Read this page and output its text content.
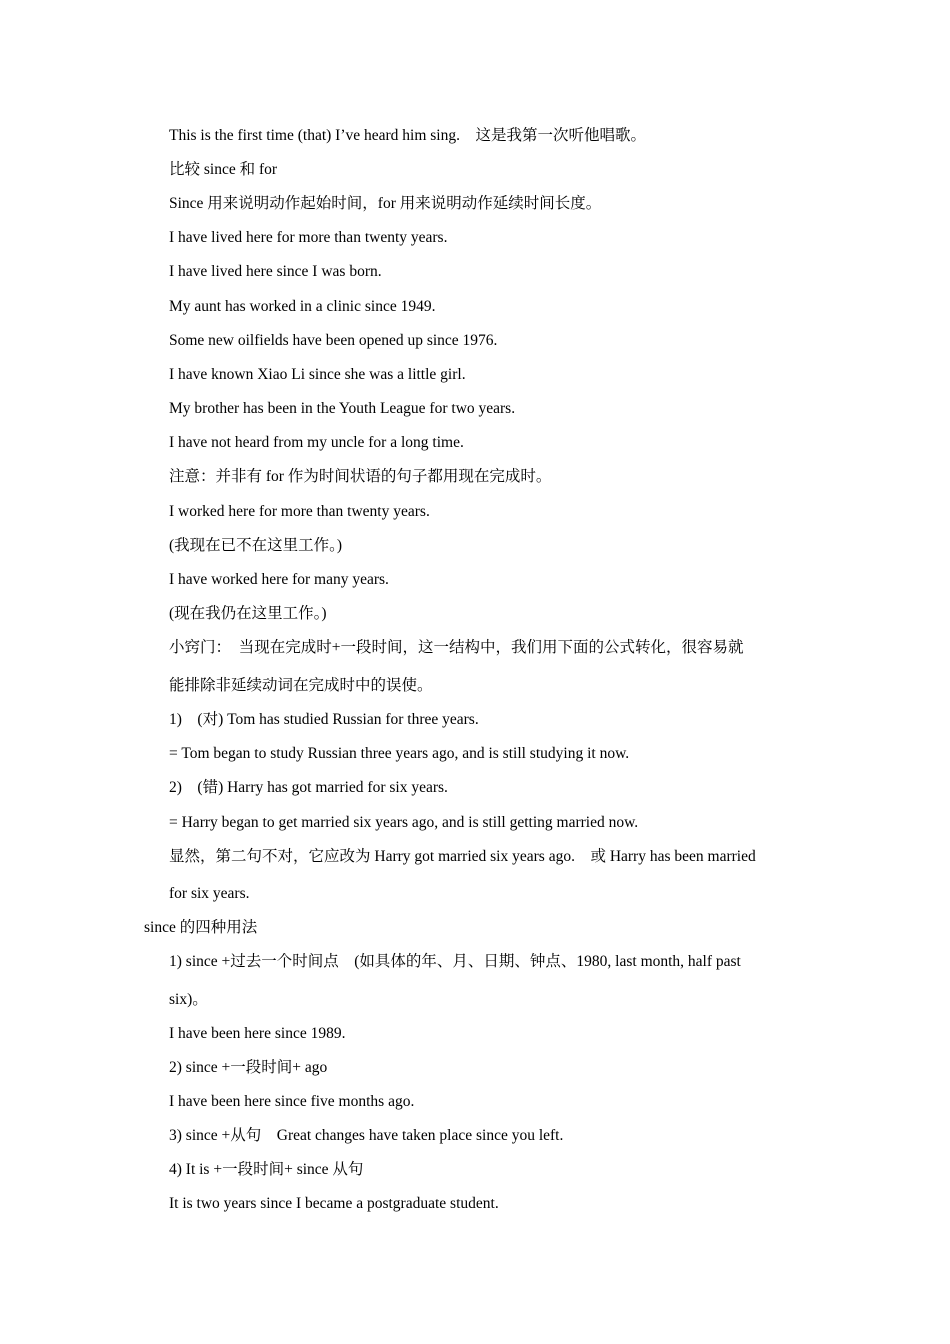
This is the first time (that) I’ve heard him sing.　这是我第一次听他唱歌。
比较 since 和 for
Since 用来说明动作起始时间，for 用来说明动作延续时间长度。
I have lived here for more than twenty years.
I have lived here since I was born.
My aunt has worked in a clinic since 1949.
Some new oilfields have been opened up since 1976.
I have known Xiao Li since she was a little girl.
My brother has been in the Youth League for two years.
I have not heard from my uncle for a long time.
注意：并非有 for 作为时间状语的句子都用现在完成时。
I worked here for more than twenty years.
(我现在已不在这里工作。)
I have worked here for many years.
(现在我仍在这里工作。)
小窍门：　当现在完成时+一段时间，这一结构中，我们用下面的公式转化，很容易就
能排除非延续动词在完成时中的误使。
1)　(对) Tom has studied Russian for three years.
= Tom began to study Russian three years ago, and is still studying it now.
2)　(错) Harry has got married for six years.
= Harry began to get married six years ago, and is still getting married now.
显然，第二句不对，它应改为 Harry got married six years ago.　或 Harry has been married
for six years.
since 的四种用法
1) since +过去一个时间点　(如具体的年、月、日期、钟点、1980, last month, half past
six)。
I have been here since 1989.
2) since +一段时间+ ago
I have been here since five months ago.
3) since +从句　Great changes have taken place since you left.
4) It is +一段时间+ since 从句
It is two years since I became a postgraduate student.
